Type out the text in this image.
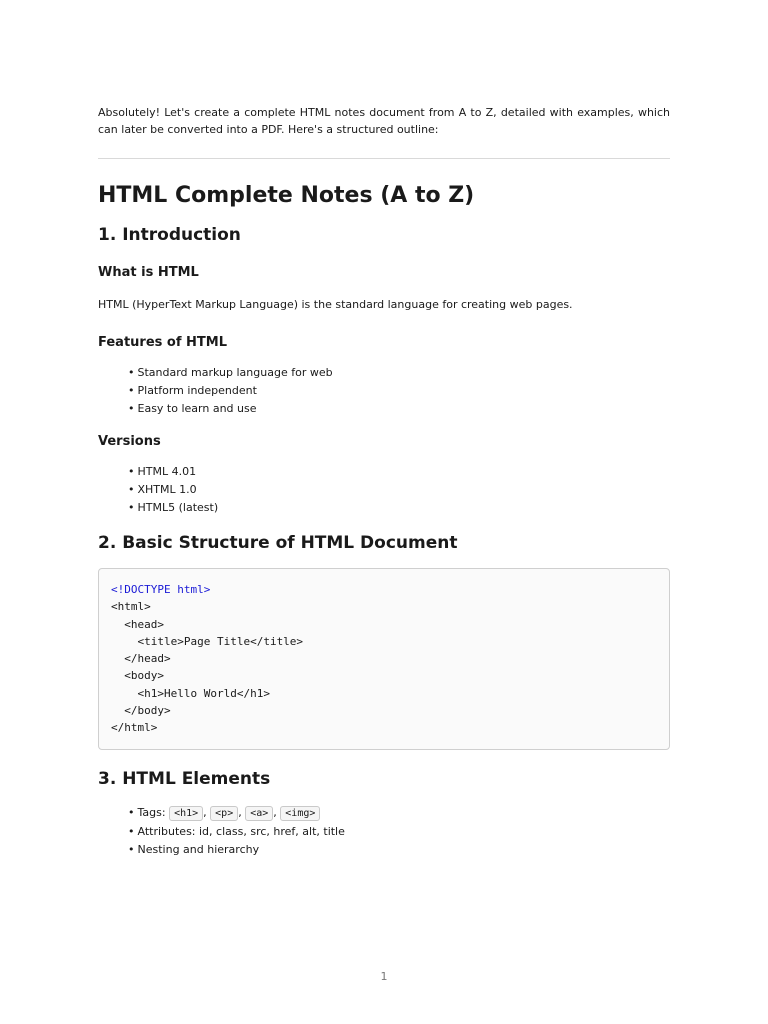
Absolutely! Let's create a complete HTML notes document from A to Z, detailed with examples, which can later be converted into a PDF. Here's a structured outline:

HTML Complete Notes (A to Z)
1. Introduction
What is HTML

HTML (HyperText Markup Language) is the standard language for creating web pages.

Features of HTML
• Standard markup language for web
• Platform independent
• Easy to learn and use
Versions
• HTML 4.01
• XHTML 1.0
• HTML5 (latest)
2. Basic Structure of HTML Document
<!DOCTYPE html>
<html>
<head>
<title>Page Title</title>
</head>
<body>
<h1>Hello World</h1>
</body>
</html>
3. HTML Elements
• Tags: <h1> , <p> , <a> , <img>
• Attributes: id, class, src, href, alt, title
• Nesting and hierarchy
1
